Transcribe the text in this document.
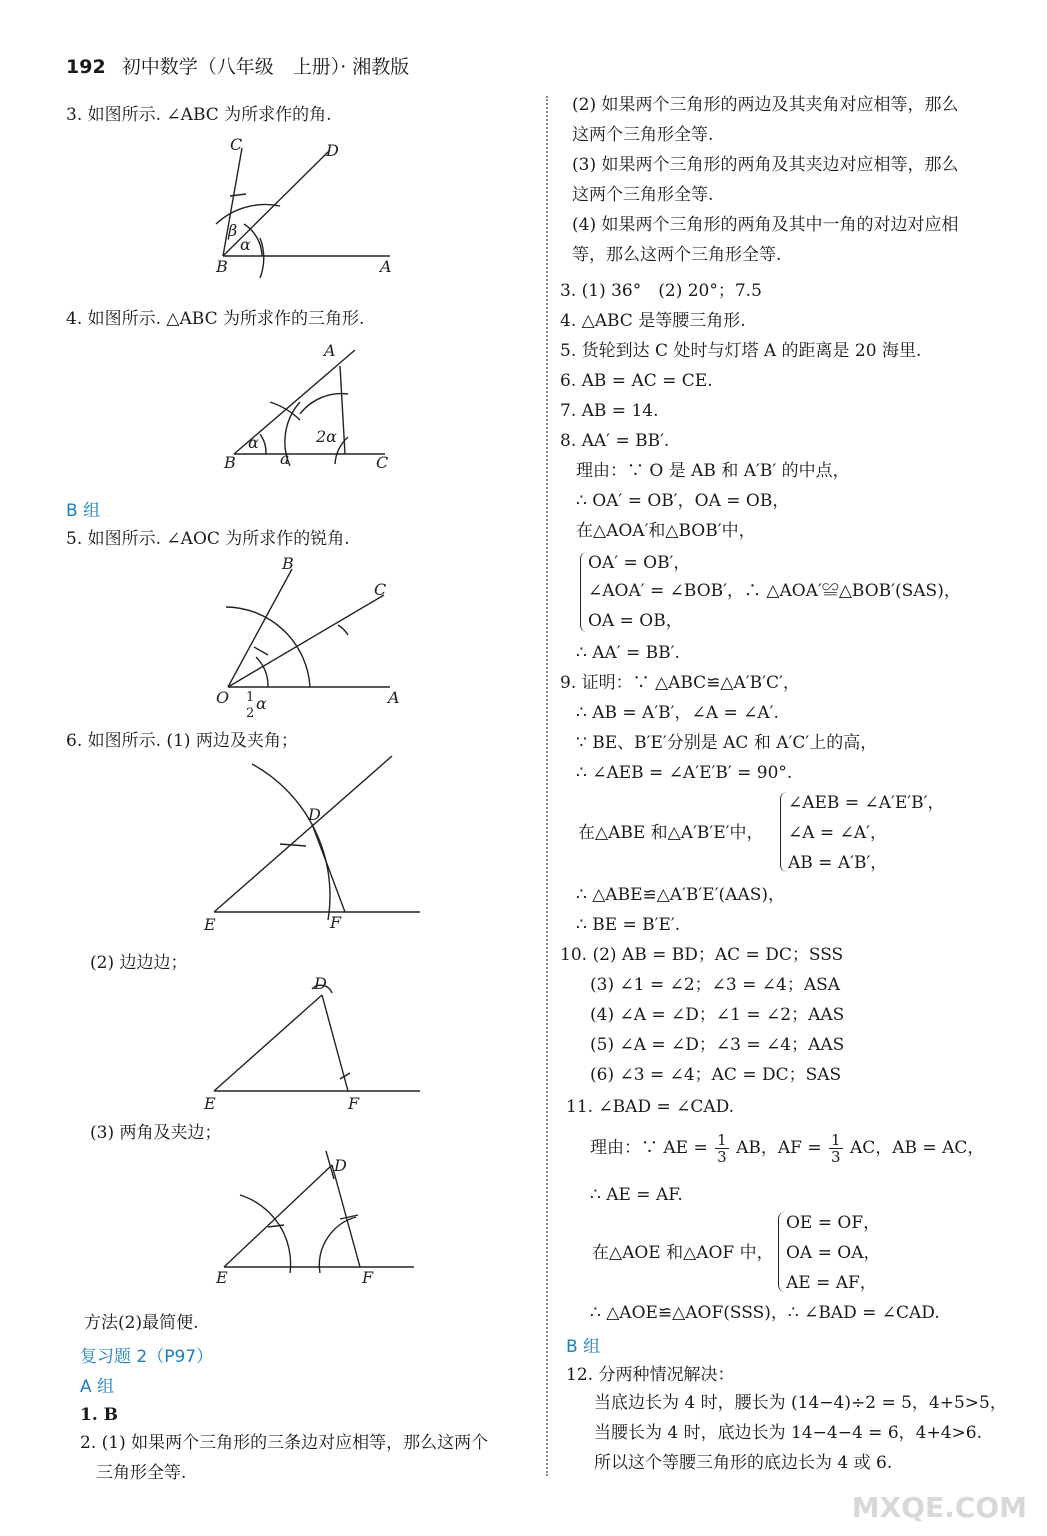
192 初中数学（八年级　上册）· 湘教版
3. 如图所示. ∠ABC 为所求作的角.
C	D
β
α
B	A
4. 如图所示. △ABC 为所求作的三角形.
A
α	2α
B	a	C
B 组
5. 如图所示. ∠AOC 为所求作的锐角.
B
C
O	A
1
2
α
6. 如图所示. (1) 两边及夹角；
D
E	F
(2) 边边边；
D
E	F
(3) 两角及夹边；
D
E	F
方法(2)最简便.
复习题 2（P97）
A 组
1. B
2. (1) 如果两个三角形的三条边对应相等，那么这两个
三角形全等.
(2) 如果两个三角形的两边及其夹角对应相等，那么
这两个三角形全等.
(3) 如果两个三角形的两角及其夹边对应相等，那么
这两个三角形全等.
(4) 如果两个三角形的两角及其中一角的对边对应相
等，那么这两个三角形全等.
3. (1) 36°　(2) 20°；7.5
4. △ABC 是等腰三角形.
5. 货轮到达 C 处时与灯塔 A 的距离是 20 海里.
6. AB = AC = CE.
7. AB = 14.
8. AA′ = BB′.
理由：∵ O 是 AB 和 A′B′ 的中点，
∴ OA′ = OB′，OA = OB，
在△AOA′和△BOB′中，
OA′ = OB′，
∠AOA′ = ∠BOB′，∴ △AOA′≌△BOB′(SAS)，
OA = OB，
∴ AA′ = BB′.
9. 证明：∵ △ABC≌△A′B′C′，
∴ AB = A′B′，∠A = ∠A′.
∵ BE、B′E′分别是 AC 和 A′C′上的高，
∴ ∠AEB = ∠A′E′B′ = 90°.
在△ABE 和△A′B′E′中，
∠AEB = ∠A′E′B′，
∠A = ∠A′，
AB = A′B′，
∴ △ABE≌△A′B′E′(AAS)，
∴ BE = B′E′.
10. (2) AB = BD；AC = DC；SSS
(3) ∠1 = ∠2；∠3 = ∠4；ASA
(4) ∠A = ∠D；∠1 = ∠2；AAS
(5) ∠A = ∠D；∠3 = ∠4；AAS
(6) ∠3 = ∠4；AC = DC；SAS
11. ∠BAD = ∠CAD.
理由：∵ AE = $\frac{1}{3}$ AB，AF = $\frac{1}{3}$ AC，AB = AC，
∴ AE = AF.
在△AOE 和△AOF 中，
OE = OF，
OA = OA，
AE = AF，
∴ △AOE≌△AOF(SSS)，∴ ∠BAD = ∠CAD.
B 组
12. 分两种情况解决：
当底边长为 4 时，腰长为 (14−4)÷2 = 5，4+5>5，
当腰长为 4 时，底边长为 14−4−4 = 6，4+4>6.
所以这个等腰三角形的底边长为 4 或 6.
MXQE.COM
